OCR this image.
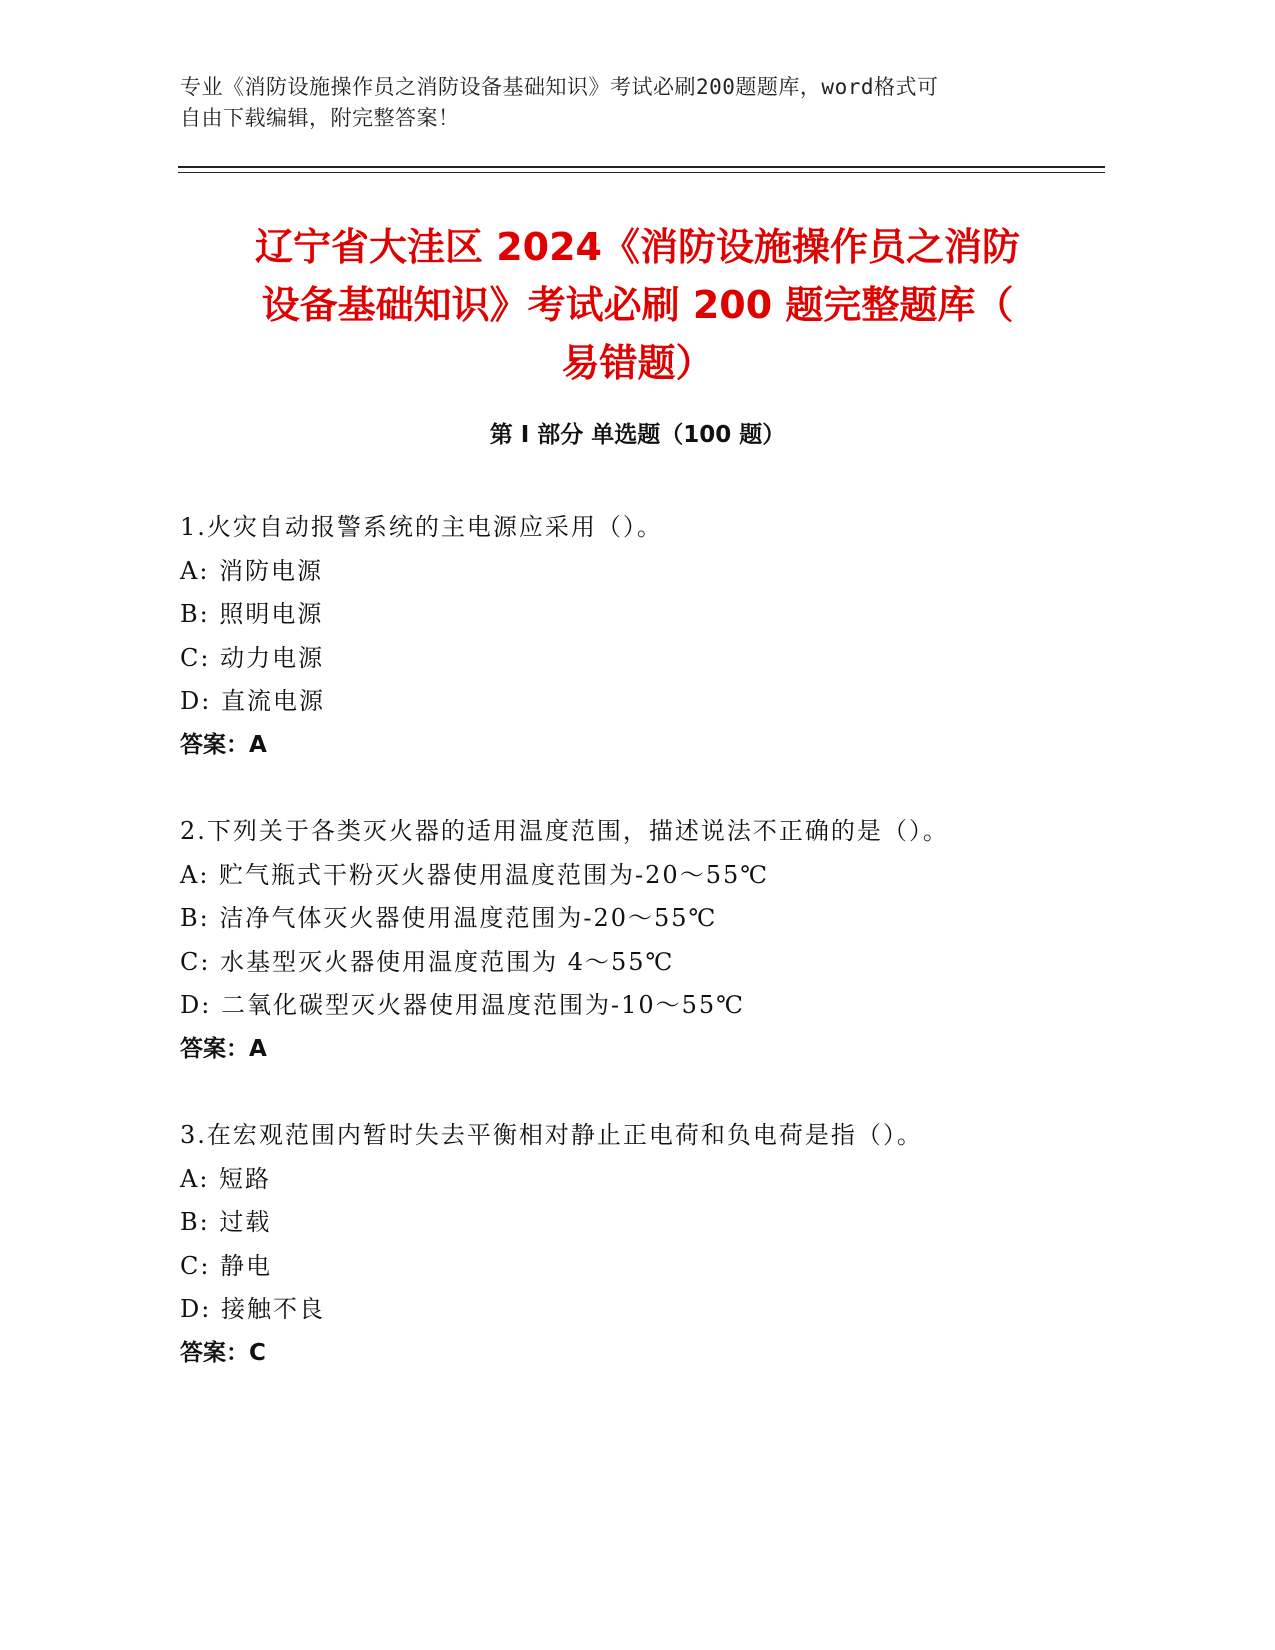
专业《消防设施操作员之消防设备基础知识》考试必刷200题题库，word格式可
自由下载编辑，附完整答案！
辽宁省大洼区 2024《消防设施操作员之消防
设备基础知识》考试必刷 200 题完整题库（
易错题）
第 I 部分 单选题（100 题）
1.火灾自动报警系统的主电源应采用（）。
A: 消防电源
B: 照明电源
C: 动力电源
D: 直流电源
答案：A
2.下列关于各类灭火器的适用温度范围，描述说法不正确的是（）。
A: 贮气瓶式干粉灭火器使用温度范围为-20～55℃
B: 洁净气体灭火器使用温度范围为-20～55℃
C: 水基型灭火器使用温度范围为 4～55℃
D: 二氧化碳型灭火器使用温度范围为-10～55℃
答案：A
3.在宏观范围内暂时失去平衡相对静止正电荷和负电荷是指（）。
A: 短路
B: 过载
C: 静电
D: 接触不良
答案：C
